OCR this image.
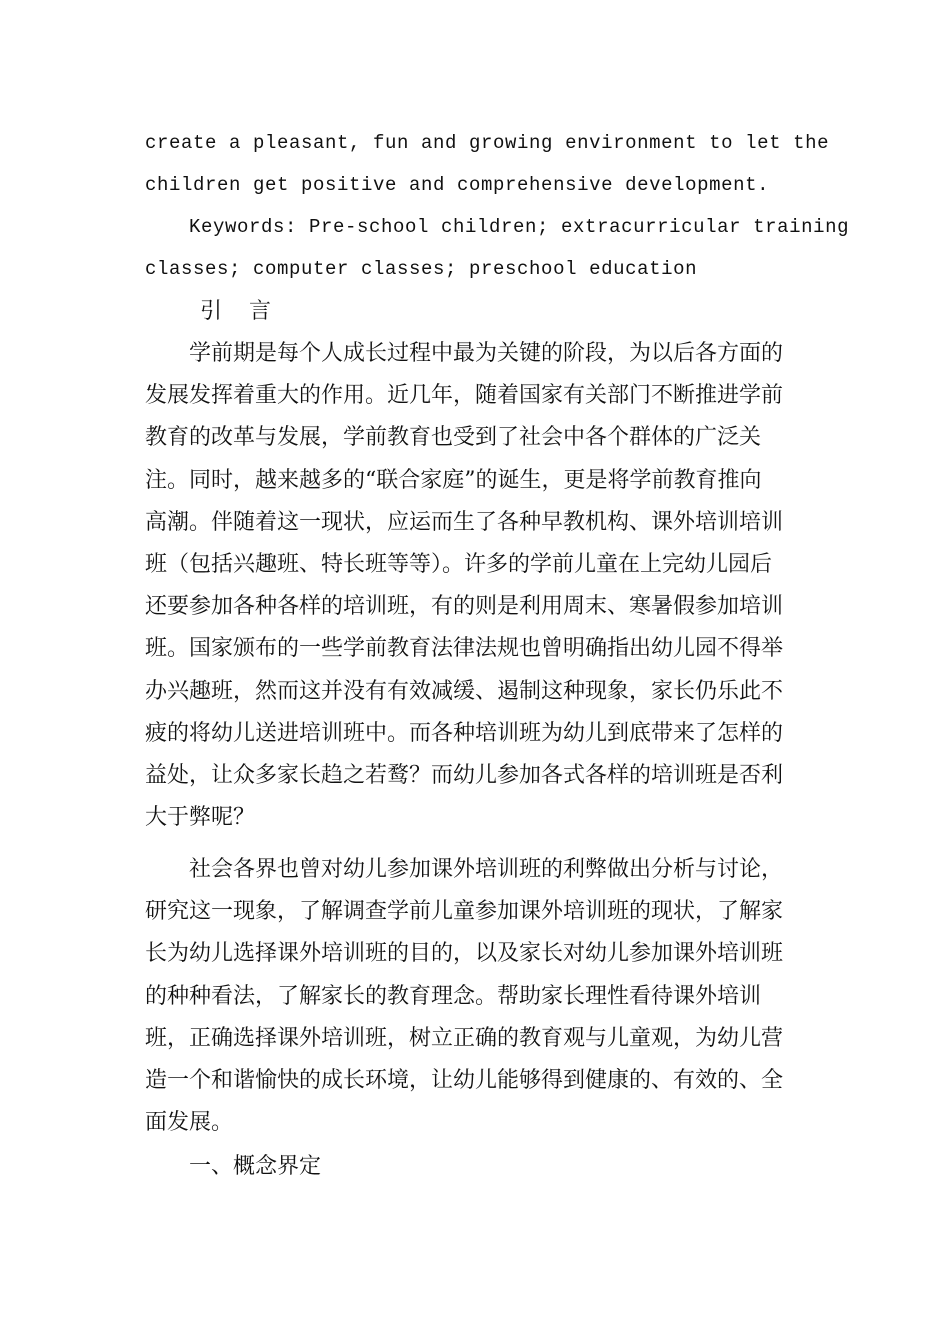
create a pleasant, fun and growing environment to let the
children get positive and comprehensive development.
Keywords: Pre-school children; extracurricular training
classes; computer classes; preschool education
引 言
学前期是每个人成长过程中最为关键的阶段，为以后各方面的
发展发挥着重大的作用。近几年，随着国家有关部门不断推进学前
教育的改革与发展，学前教育也受到了社会中各个群体的广泛关
注。同时，越来越多的“联合家庭”的诞生，更是将学前教育推向
高潮。伴随着这一现状，应运而生了各种早教机构、课外培训培训
班（包括兴趣班、特长班等等）。许多的学前儿童在上完幼儿园后
还要参加各种各样的培训班，有的则是利用周末、寒暑假参加培训
班。国家颁布的一些学前教育法律法规也曾明确指出幼儿园不得举
办兴趣班，然而这并没有有效减缓、遏制这种现象，家长仍乐此不
疲的将幼儿送进培训班中。而各种培训班为幼儿到底带来了怎样的
益处，让众多家长趋之若鹜？而幼儿参加各式各样的培训班是否利
大于弊呢？
社会各界也曾对幼儿参加课外培训班的利弊做出分析与讨论，
研究这一现象，了解调查学前儿童参加课外培训班的现状，了解家
长为幼儿选择课外培训班的目的，以及家长对幼儿参加课外培训班
的种种看法，了解家长的教育理念。帮助家长理性看待课外培训
班，正确选择课外培训班，树立正确的教育观与儿童观，为幼儿营
造一个和谐愉快的成长环境，让幼儿能够得到健康的、有效的、全
面发展。
一、概念界定
